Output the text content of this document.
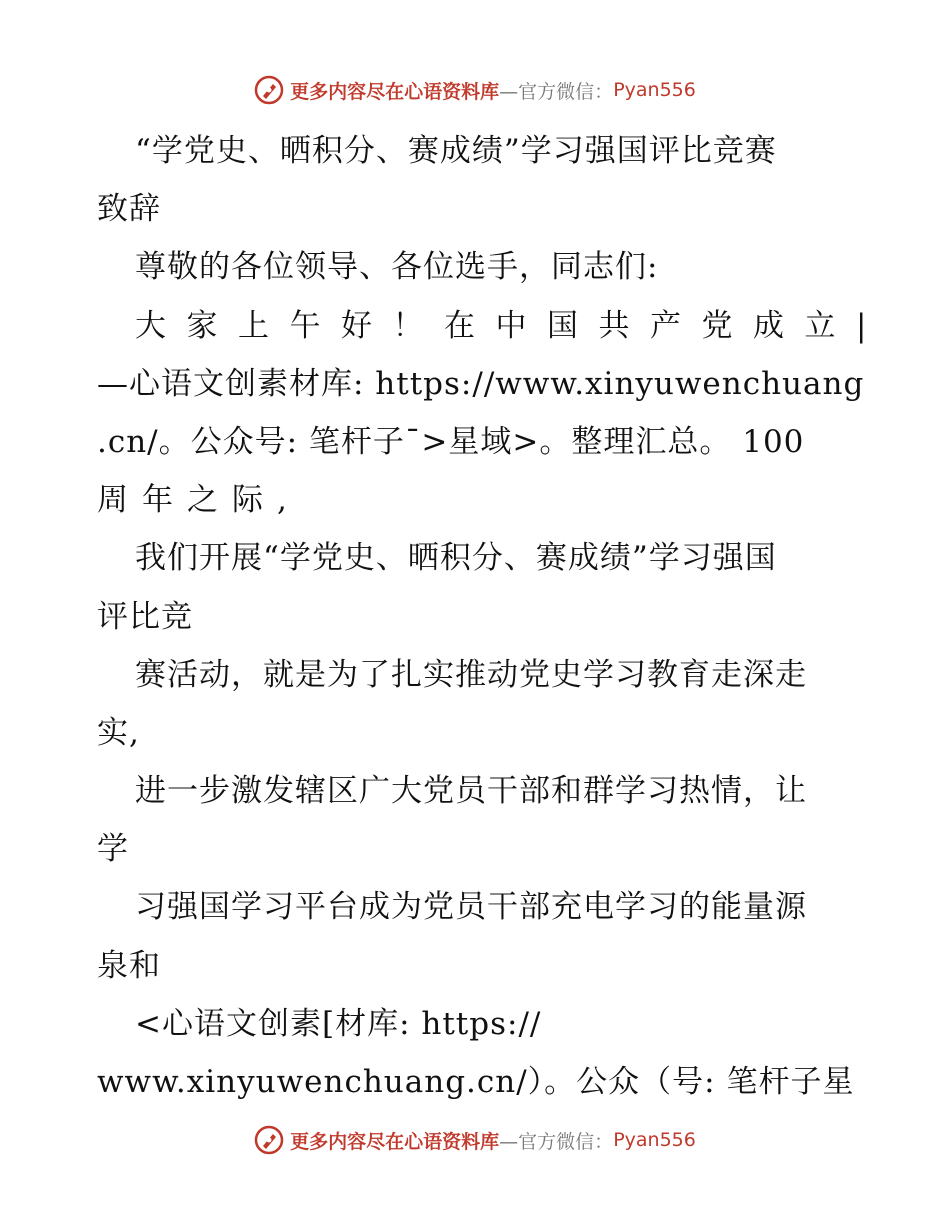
更多内容尽在心语资料库 —官方微信： Pyan556
“学党史、晒积分、赛成绩”学习强国评比竞赛
致辞
尊敬的各位领导、各位选手，同志们:
大家上午好！在中国共产党成立|
—心语文创素材库: https://www.xinyuwenchuang
.cn/。公众号: 笔杆子¯>星域>。整理汇总。 100
周年之际,
我们开展“学党史、晒积分、赛成绩”学习强国
评比竞
赛活动，就是为了扎实推动党史学习教育走深走
实,
进一步激发辖区广大党员干部和群学习热情，让
学
习强国学习平台成为党员干部充电学习的能量源
泉和
<心语文创素[材库: https://
www.xinyuwenchuang.cn/）。公众（号: 笔杆子星
更多内容尽在心语资料库 —官方微信： Pyan556
